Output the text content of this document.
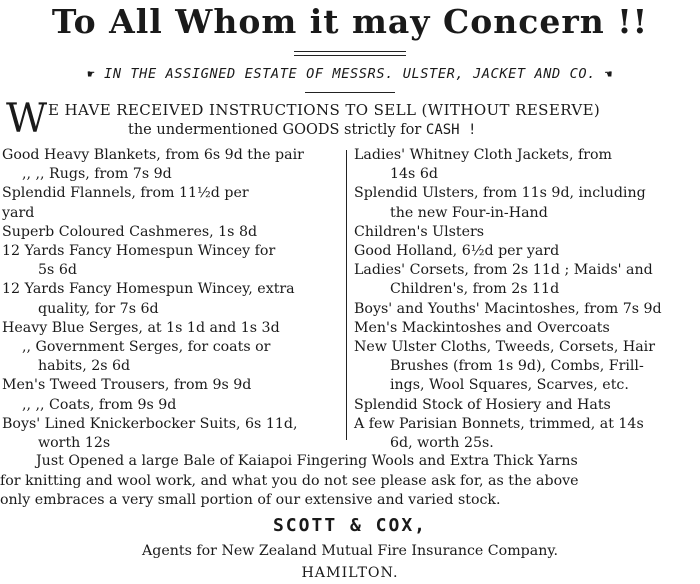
To All Whom it may Concern !!
☛ IN THE ASSIGNED ESTATE OF MESSRS. ULSTER, JACKET AND CO. ☚
W E HAVE RECEIVED INSTRUCTIONS TO SELL (WITHOUT RESERVE)
the undermentioned GOODS strictly for CASH !
Good Heavy Blankets, from 6s 9d the pair
,, ,, Rugs, from 7s 9d
Splendid Flannels, from 11½d per
yard
Superb Coloured Cashmeres, 1s 8d
12 Yards Fancy Homespun Wincey for
5s 6d
12 Yards Fancy Homespun Wincey, extra
quality, for 7s 6d
Heavy Blue Serges, at 1s 1d and 1s 3d
,, Government Serges, for coats or
habits, 2s 6d
Men's Tweed Trousers, from 9s 9d
,, ,, Coats, from 9s 9d
Boys' Lined Knickerbocker Suits, 6s 11d,
worth 12s
Ladies' Whitney Cloth Jackets, from
14s 6d
Splendid Ulsters, from 11s 9d, including
the new Four-in-Hand
Children's Ulsters
Good Holland, 6½d per yard
Ladies' Corsets, from 2s 11d ; Maids' and
Children's, from 2s 11d
Boys' and Youths' Macintoshes, from 7s 9d
Men's Mackintoshes and Overcoats
New Ulster Cloths, Tweeds, Corsets, Hair
Brushes (from 1s 9d), Combs, Frill-
ings, Wool Squares, Scarves, etc.
Splendid Stock of Hosiery and Hats
A few Parisian Bonnets, trimmed, at 14s
6d, worth 25s.
Just Opened a large Bale of Kaiapoi Fingering Wools and Extra Thick Yarns
for knitting and wool work, and what you do not see please ask for, as the above
only embraces a very small portion of our extensive and varied stock.
SCOTT & COX,
Agents for New Zealand Mutual Fire Insurance Company.
HAMILTON.
